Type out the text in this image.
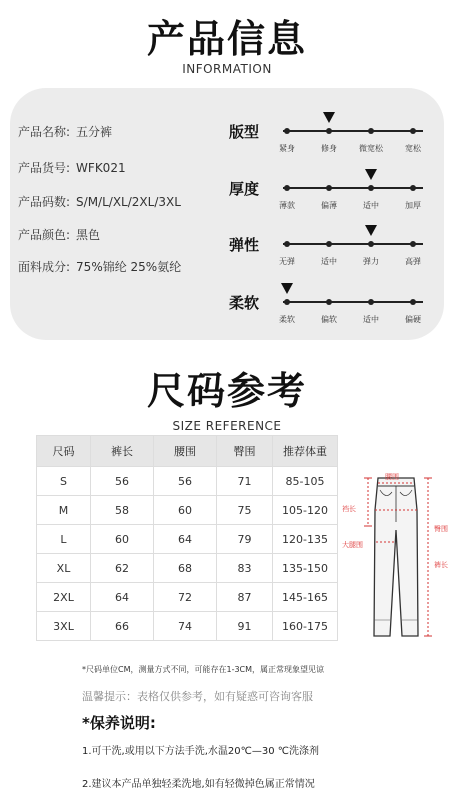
产品信息
INFORMATION
产品名称: 五分裤
产品货号: WFK021
产品码数: S/M/L/XL/2XL/3XL
产品颜色: 黑色
面料成分: 75%锦纶 25%氨纶
版型
紧身	修身	微宽松	宽松
厚度
薄款	偏薄	适中	加厚
弹性
无弹	适中	弹力	高弹
柔软
柔软	偏软	适中	偏硬
尺码参考
SIZE REFERENCE
尺码	裤长	腰围	臀围	推荐体重
S	56	56	71	85-105
M	58	60	75	105-120
L	60	64	79	120-135
XL	62	68	83	135-150
2XL	64	72	87	145-165
3XL	66	74	91	160-175
腰围
裆长
大腿围
臀围
裤长
*尺码单位CM，测量方式不同，可能存在1-3CM，属正常现象望见谅
温馨提示：表格仅供参考，如有疑惑可咨询客服
*保养说明:
1.可干洗,或用以下方法手洗,水温20℃—30 ℃洗涤剂
2.建议本产品单独轻柔洗地,如有轻微掉色属正常情况
